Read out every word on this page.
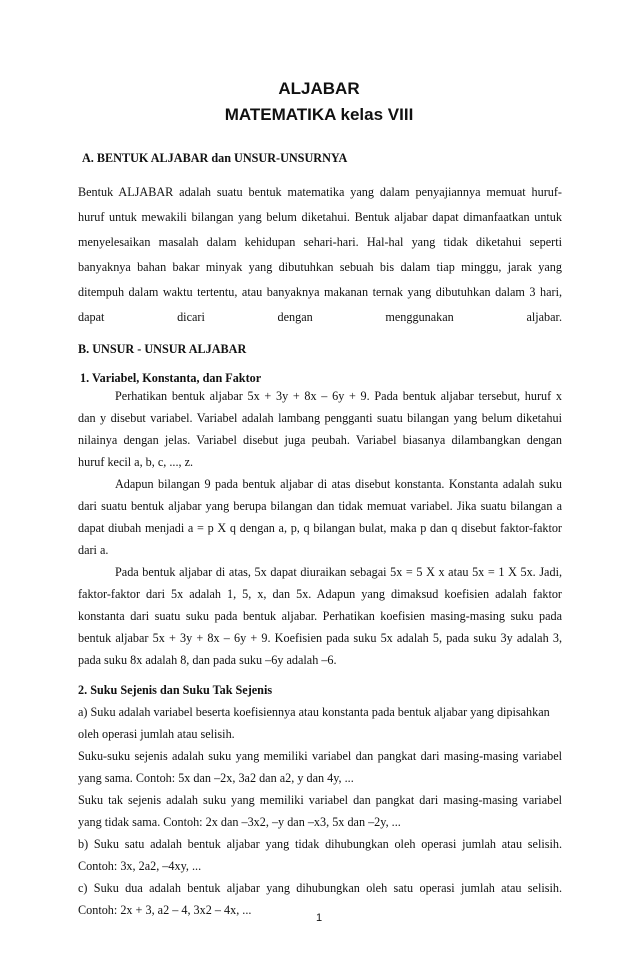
ALJABAR
MATEMATIKA kelas VIII
A. BENTUK ALJABAR dan UNSUR-UNSURNYA
Bentuk ALJABAR adalah suatu bentuk matematika yang dalam penyajiannya memuat huruf-
huruf untuk mewakili bilangan yang belum diketahui. Bentuk aljabar dapat dimanfaatkan untuk
menyelesaikan masalah dalam kehidupan sehari-hari. Hal-hal yang tidak diketahui seperti
banyaknya bahan bakar minyak yang dibutuhkan sebuah bis dalam tiap minggu, jarak yang
ditempuh dalam waktu tertentu, atau banyaknya makanan ternak yang dibutuhkan dalam 3 hari,
dapat dicari dengan menggunakan aljabar.
B. UNSUR - UNSUR ALJABAR
1. Variabel, Konstanta, dan Faktor
Perhatikan bentuk aljabar 5x + 3y + 8x – 6y + 9. Pada bentuk aljabar tersebut, huruf x
dan y disebut variabel. Variabel adalah lambang pengganti suatu bilangan yang belum diketahui
nilainya dengan jelas. Variabel disebut juga peubah. Variabel biasanya dilambangkan dengan
huruf kecil a, b, c, ..., z.
Adapun bilangan 9 pada bentuk aljabar di atas disebut konstanta. Konstanta adalah suku
dari suatu bentuk aljabar yang berupa bilangan dan tidak memuat variabel. Jika suatu bilangan a
dapat diubah menjadi a = p X q dengan a, p, q bilangan bulat, maka p dan q disebut faktor-faktor
dari a.
Pada bentuk aljabar di atas, 5x dapat diuraikan sebagai 5x = 5 X x atau 5x = 1 X 5x. Jadi,
faktor-faktor dari 5x adalah 1, 5, x, dan 5x. Adapun yang dimaksud koefisien adalah faktor
konstanta dari suatu suku pada bentuk aljabar. Perhatikan koefisien masing-masing suku pada
bentuk aljabar 5x + 3y + 8x – 6y + 9. Koefisien pada suku 5x adalah 5, pada suku 3y adalah 3,
pada suku 8x adalah 8, dan pada suku –6y adalah –6.
2. Suku Sejenis dan Suku Tak Sejenis
a) Suku adalah variabel beserta koefisiennya atau konstanta pada bentuk aljabar yang dipisahkan
oleh operasi jumlah atau selisih.
Suku-suku sejenis adalah suku yang memiliki variabel dan pangkat dari masing-masing variabel
yang sama. Contoh: 5x dan –2x, 3a2 dan a2, y dan 4y, ...
Suku tak sejenis adalah suku yang memiliki variabel dan pangkat dari masing-masing variabel
yang tidak sama. Contoh: 2x dan –3x2, –y dan –x3, 5x dan –2y, ...
b) Suku satu adalah bentuk aljabar yang tidak dihubungkan oleh operasi jumlah atau selisih.
Contoh: 3x, 2a2, –4xy, ...
c) Suku dua adalah bentuk aljabar yang dihubungkan oleh satu operasi jumlah atau selisih.
Contoh: 2x + 3, a2 – 4, 3x2 – 4x, ...
1
